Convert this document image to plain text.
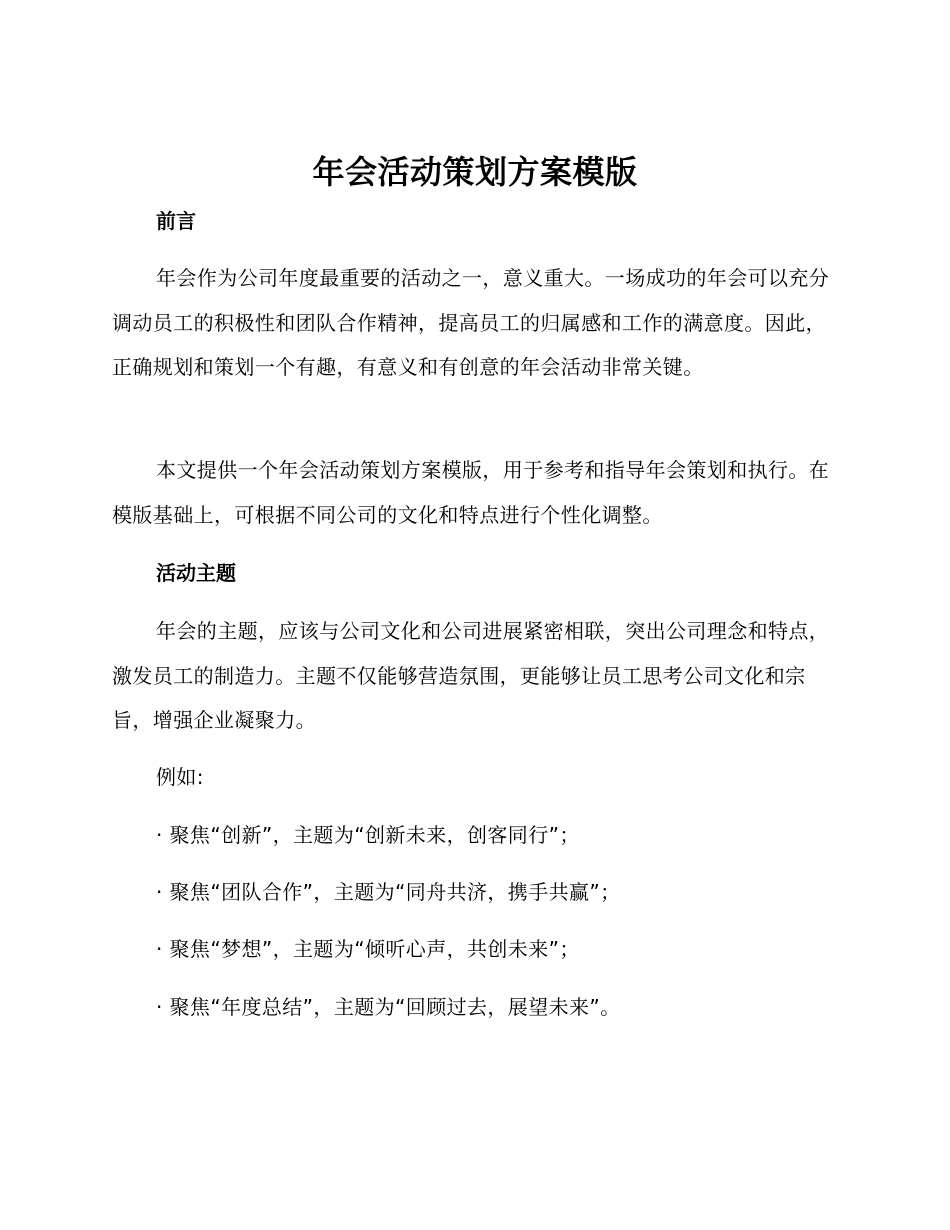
年会活动策划方案模版
前言

年会作为公司年度最重要的活动之一，意义重大。一场成功的年会可以充分调动员工的积极性和团队合作精神，提高员工的归属感和工作的满意度。因此，正确规划和策划一个有趣，有意义和有创意的年会活动非常关键。

本文提供一个年会活动策划方案模版，用于参考和指导年会策划和执行。在模版基础上，可根据不同公司的文化和特点进行个性化调整。

活动主题

年会的主题，应该与公司文化和公司进展紧密相联，突出公司理念和特点，激发员工的制造力。主题不仅能够营造氛围，更能够让员工思考公司文化和宗旨，增强企业凝聚力。

例如:
· 聚焦“创新”，主题为“创新未来，创客同行”；
· 聚焦“团队合作”，主题为“同舟共济，携手共赢”；
· 聚焦“梦想”，主题为“倾听心声，共创未来”；
· 聚焦“年度总结”，主题为“回顾过去，展望未来”。
